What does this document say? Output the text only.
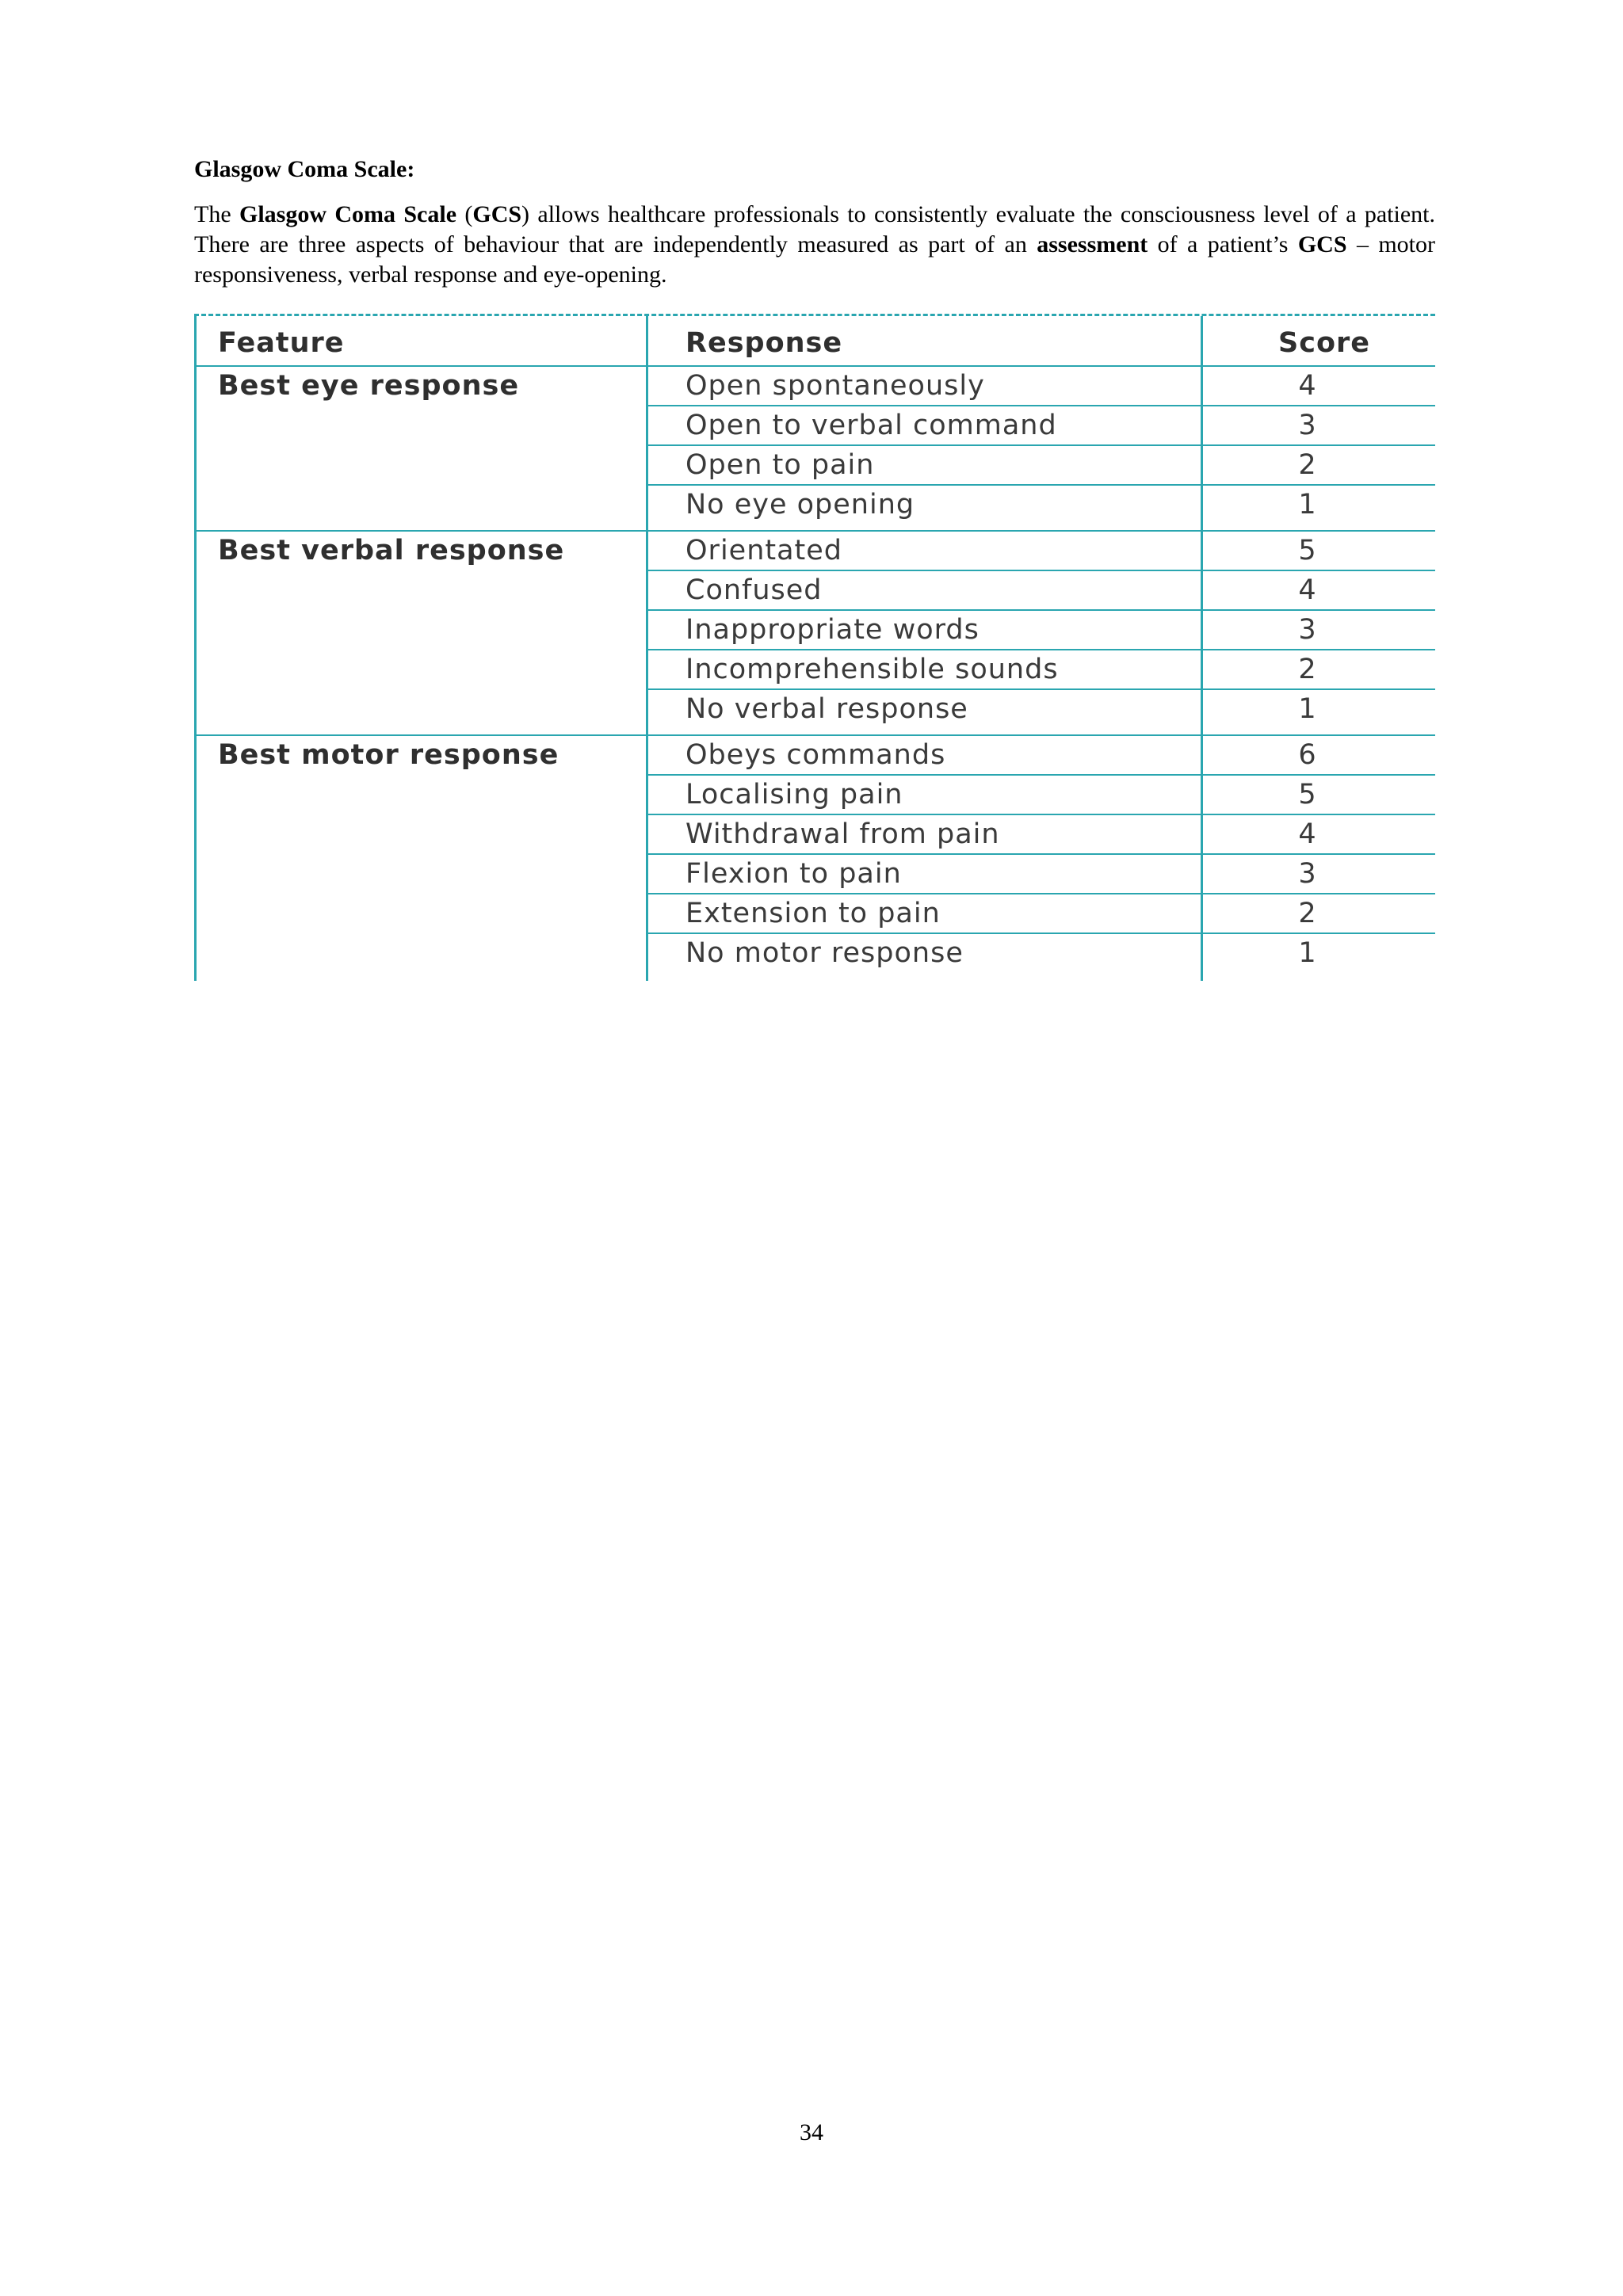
Glasgow Coma Scale:

The Glasgow Coma Scale (GCS) allows healthcare professionals to consistently evaluate the consciousness level of a patient. There are three aspects of behaviour that are independently measured as part of an assessment of a patient’s GCS – motor responsiveness, verbal response and eye-opening.

Feature	Response	Score
Best eye response	Open spontaneously	4
Open to verbal command	3
Open to pain	2
No eye opening	1
Best verbal response	Orientated	5
Confused	4
Inappropriate words	3
Incomprehensible sounds	2
No verbal response	1
Best motor response	Obeys commands	6
Localising pain	5
Withdrawal from pain	4
Flexion to pain	3
Extension to pain	2
No motor response	1
34
